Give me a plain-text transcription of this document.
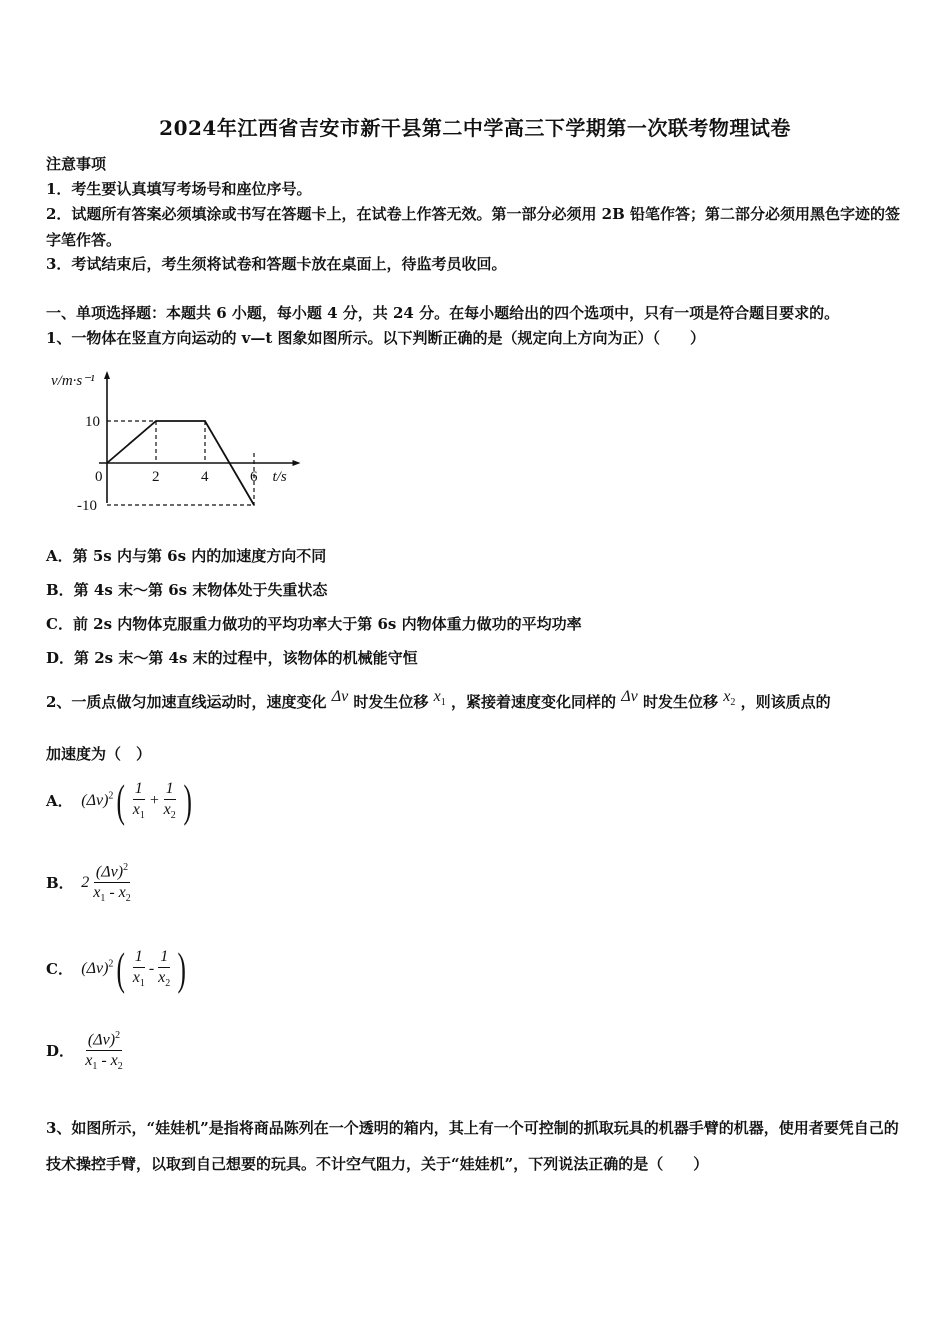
2024年江西省吉安市新干县第二中学高三下学期第一次联考物理试卷
注意事项
1．考生要认真填写考场号和座位序号。
2．试题所有答案必须填涂或书写在答题卡上，在试卷上作答无效。第一部分必须用 2B 铅笔作答；第二部分必须用黑色字迹的签字笔作答。
3．考试结束后，考生须将试卷和答题卡放在桌面上，待监考员收回。
一、单项选择题：本题共 6 小题，每小题 4 分，共 24 分。在每小题给出的四个选项中，只有一项是符合题目要求的。
1、一物体在竖直方向运动的 v—t 图象如图所示。以下判断正确的是（规定向上方向为正）（　　）
0	2	4	6
10
-10
v/m·s⁻¹
t/s
A．第 5s 内与第 6s 内的加速度方向不同
B．第 4s 末～第 6s 末物体处于失重状态
C．前 2s 内物体克服重力做功的平均功率大于第 6s 内物体重力做功的平均功率
D．第 2s 末～第 4s 末的过程中，该物体的机械能守恒
2、一质点做匀加速直线运动时，速度变化 Δv 时发生位移 $x_1$ ，紧接着速度变化同样的 Δv 时发生位移 $x_2$ ，则该质点的
加速度为（　）
A． $(\Delta v)^2( \frac{1}{x_1} + \frac{1}{x_2}$ )
B． $2 \frac{(\Delta v)^2}{x_1 - x_2}$
C． $(\Delta v)^2( \frac{1}{x_1} - \frac{1}{x_2}$ )
D． $\frac{(\Delta v)^2}{x_1 - x_2}$
3、如图所示，“娃娃机”是指将商品陈列在一个透明的箱内，其上有一个可控制的抓取玩具的机器手臂的机器，使用者要凭自己的技术操控手臂，以取到自己想要的玩具。不计空气阻力，关于“娃娃机”，下列说法正确的是（　　）
